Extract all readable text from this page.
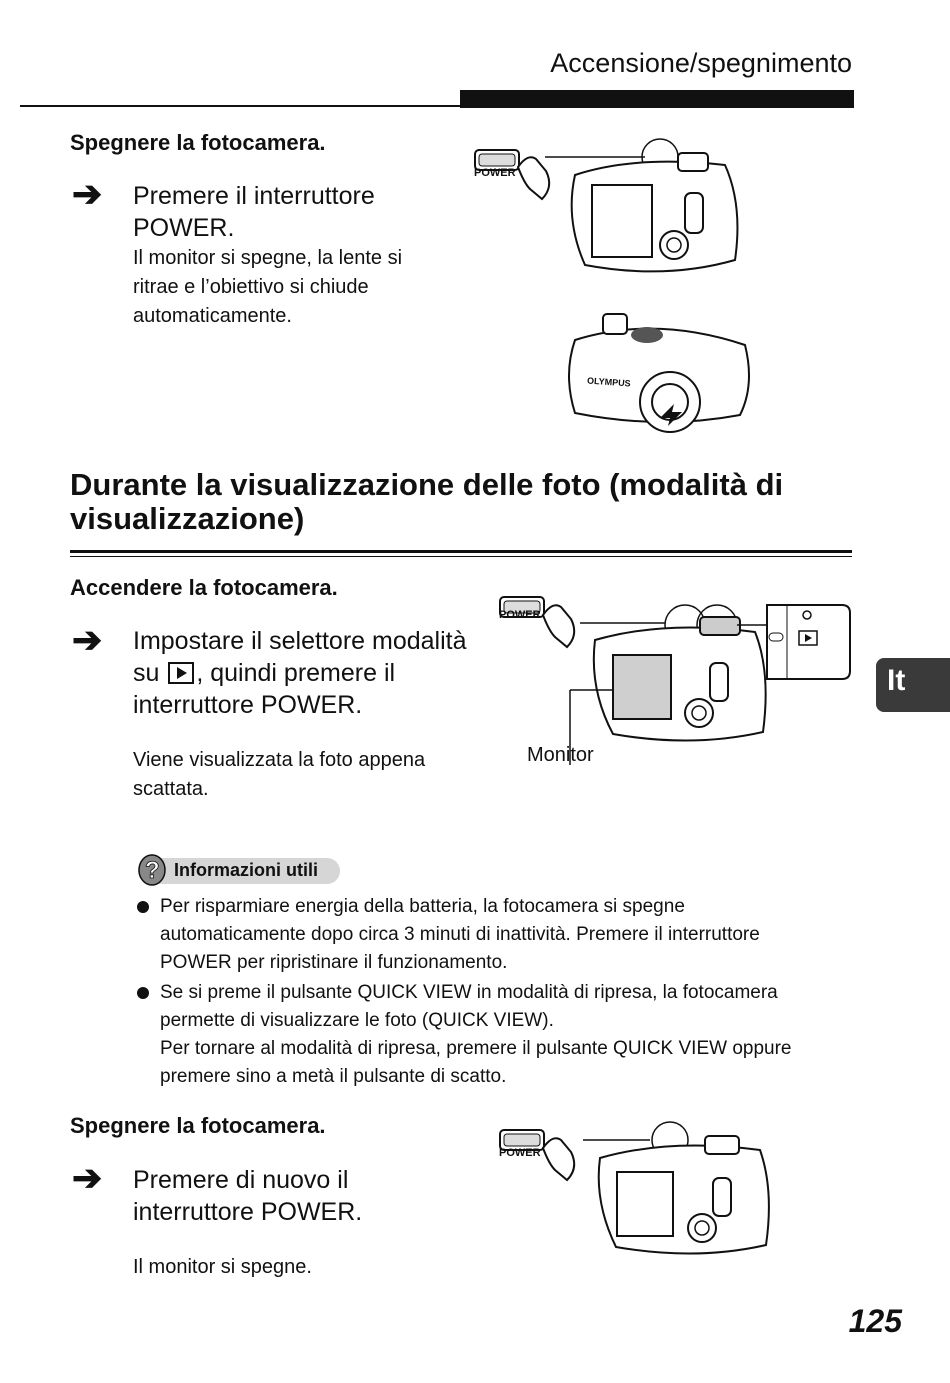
Accensione/spegnimento
Spegnere la fotocamera.
➔ Premere il interruttore
POWER.
Il monitor si spegne, la lente si
ritrae e l’obiettivo si chiude
automaticamente.
POWER
OLYMPUS
Durante la visualizzazione delle foto (modalità di
visualizzazione)
Accendere la fotocamera.
➔ Impostare il selettore modalità
su , quindi premere il
interruttore POWER.
Viene visualizzata la foto appena
scattata.
POWER
Monitor
? Informazioni utili
Per risparmiare energia della batteria, la fotocamera si spegne
automaticamente dopo circa 3 minuti di inattività. Premere il interruttore
POWER per ripristinare il funzionamento.
Se si preme il pulsante QUICK VIEW in modalità di ripresa, la fotocamera
permette di visualizzare le foto (QUICK VIEW).
Per tornare al modalità di ripresa, premere il pulsante QUICK VIEW oppure
premere sino a metà il pulsante di scatto.
Spegnere la fotocamera.
➔ Premere di nuovo il
interruttore POWER.
Il monitor si spegne.
POWER
It
125
